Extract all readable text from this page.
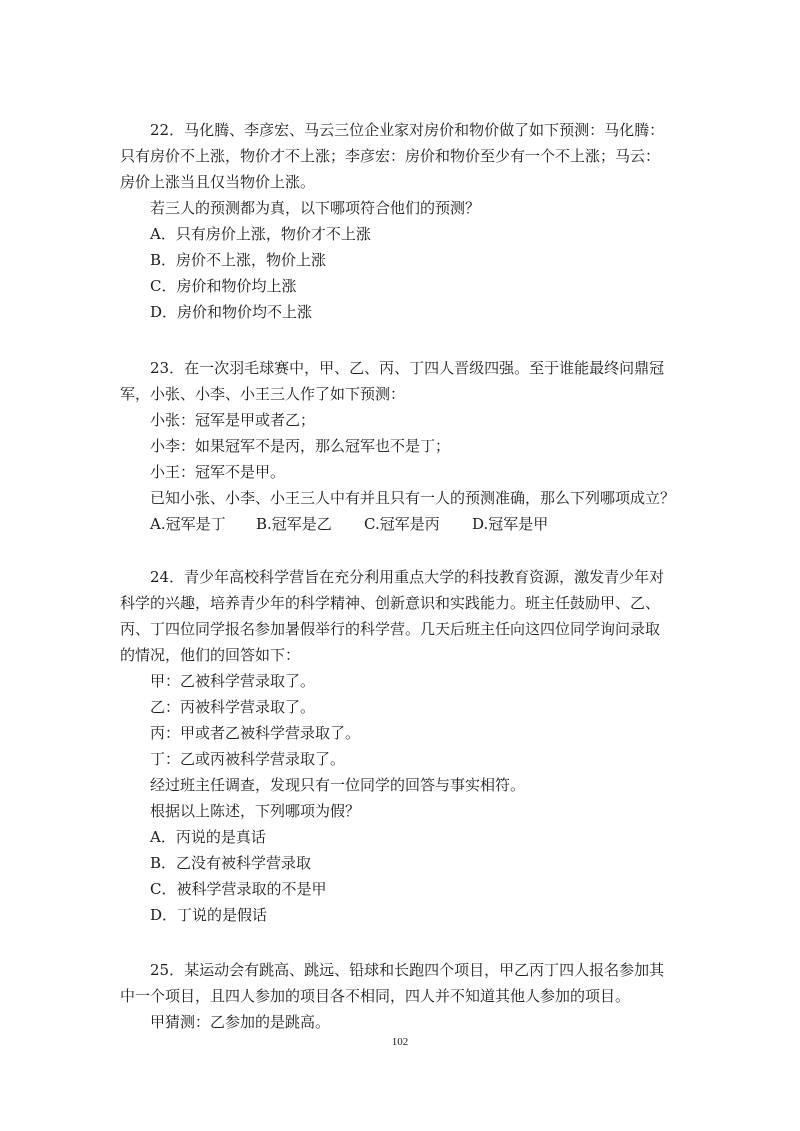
22．马化腾、李彦宏、马云三位企业家对房价和物价做了如下预测：马化腾：
只有房价不上涨，物价才不上涨；李彦宏：房价和物价至少有一个不上涨；马云：
房价上涨当且仅当物价上涨。
若三人的预测都为真，以下哪项符合他们的预测？
A．只有房价上涨，物价才不上涨
B．房价不上涨，物价上涨
C．房价和物价均上涨
D．房价和物价均不上涨
23．在一次羽毛球赛中，甲、乙、丙、丁四人晋级四强。至于谁能最终问鼎冠
军，小张、小李、小王三人作了如下预测：
小张：冠军是甲或者乙；
小李：如果冠军不是丙，那么冠军也不是丁；
小王：冠军不是甲。
已知小张、小李、小王三人中有并且只有一人的预测准确，那么下列哪项成立？
A.冠军是丁	B.冠军是乙	C.冠军是丙	D.冠军是甲
24．青少年高校科学营旨在充分利用重点大学的科技教育资源，激发青少年对
科学的兴趣，培养青少年的科学精神、创新意识和实践能力。班主任鼓励甲、乙、
丙、丁四位同学报名参加暑假举行的科学营。几天后班主任向这四位同学询问录取
的情况，他们的回答如下：
甲：乙被科学营录取了。
乙：丙被科学营录取了。
丙：甲或者乙被科学营录取了。
丁：乙或丙被科学营录取了。
经过班主任调查，发现只有一位同学的回答与事实相符。
根据以上陈述，下列哪项为假？
A．丙说的是真话
B．乙没有被科学营录取
C．被科学营录取的不是甲
D．丁说的是假话
25．某运动会有跳高、跳远、铅球和长跑四个项目，甲乙丙丁四人报名参加其
中一个项目，且四人参加的项目各不相同，四人并不知道其他人参加的项目。
甲猜测：乙参加的是跳高。
102
